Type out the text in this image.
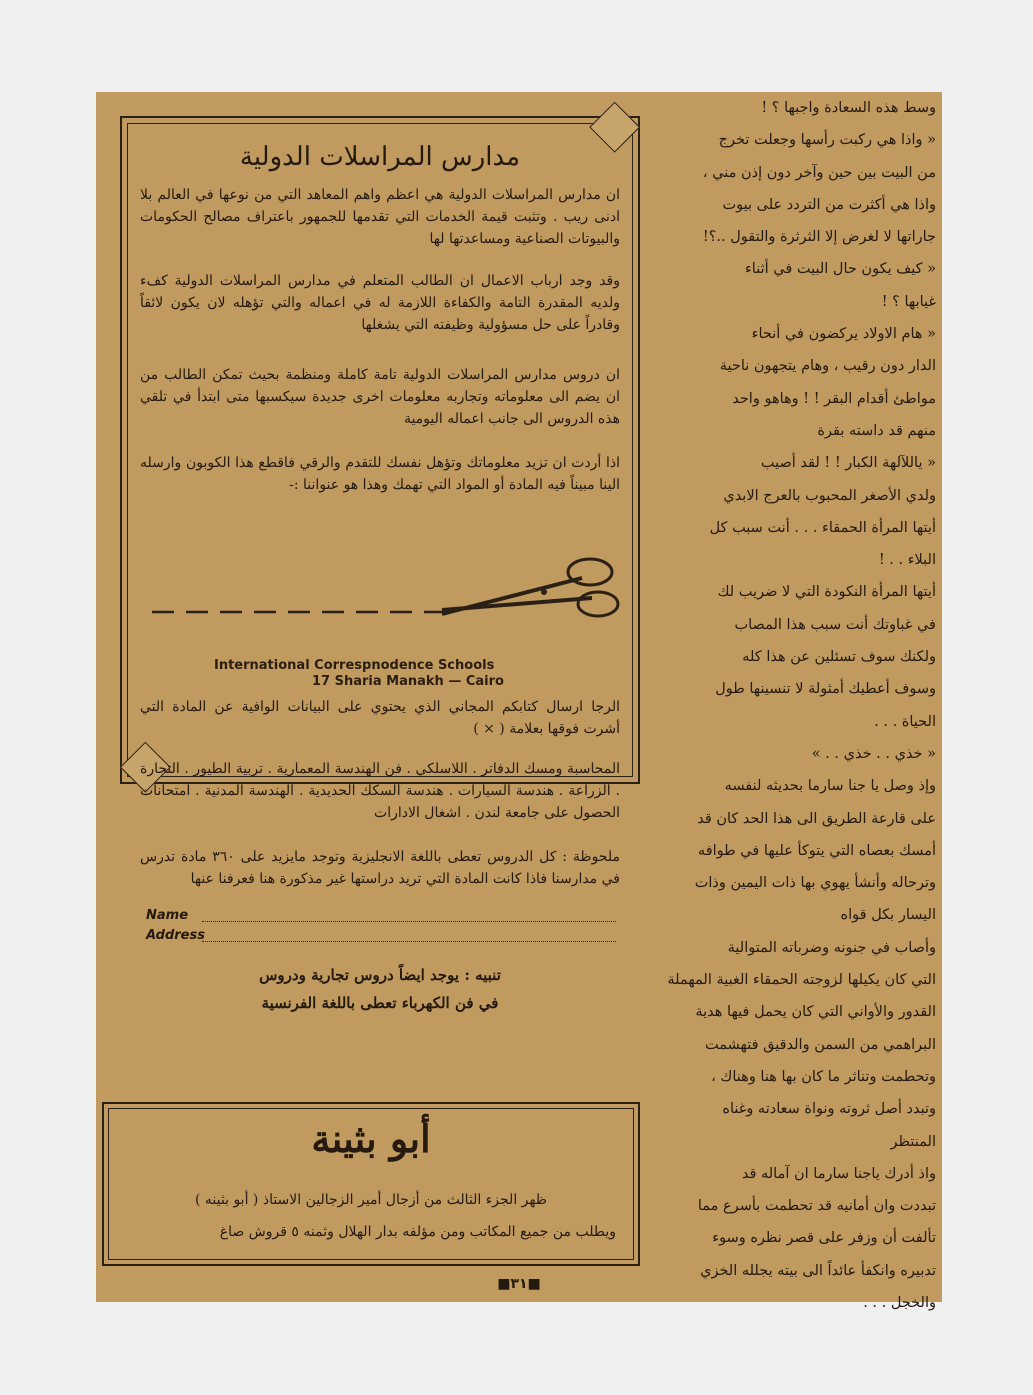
وسط هذه السعادة واجبها ؟ !

« واذا هي ركبت رأسها وجعلت تخرج

من البيت بين حين وآخر دون إذن مني ،

واذا هي أكثرت من التردد على بيوت

جاراتها لا لغرض إلا الثرثرة والتقول ..؟!

« كيف يكون حال البيت في أثناء

غيابها ؟ !

« هام الاولاد يركضون في أنحاء

الدار دون رقيب ، وهام يتجهون ناحية

مواطئ أقدام البقر ! ! وهاهو واحد

منهم قد داسته بقرة

« ياللآلهة الكبار ! ! لقد أصيب

ولدي الأصغر المحبوب بالعرج الابدي

أيتها المرأة الحمقاء . . . أنت سبب كل

البلاء . . !

أيتها المرأة النكودة التي لا ضريب لك

في غباوتك أنت سبب هذا المصاب

ولكنك سوف تسئلين عن هذا كله

وسوف أعطيك أمثولة لا تنسينها طول

الحياة . . .

« خذي . . خذي . . »

وإذ وصل يا جنا سارما بحديثه لنفسه

على قارعة الطريق الى هذا الحد كان قد

أمسك بعصاه التي يتوكأ عليها في طوافه

وترحاله وأنشأ يهوي بها ذات اليمين وذات

اليسار بكل قواه

وأصاب في جنونه وضرباته المتوالية

التي كان يكيلها لزوجته الحمقاء الغبية المهملة

القدور والأواني التي كان يحمل فيها هدية

البراهمي من السمن والدقيق فتهشمت

وتحطمت وتناثر ما كان بها هنا وهناك ،

وتبدد أصل ثروته ونواة سعادته وغناه

المنتظر

واذ أدرك ياجنا سارما ان آماله قد

تبددت وان أمانيه قد تحطمت بأسرع مما

تألفت أن وزفر على قصر نظره وسوء

تدبيره وانكفأ عائداً الى بيته يجلله الخزي

والخجل . . .

مدارس المراسلات الدولية

ان مدارس المراسلات الدولية هي اعظم واهم المعاهد التي من نوعها في العالم بلا ادنى ريب . وتثبت قيمة الخدمات التي تقدمها للجمهور باعتراف مصالح الحكومات والبيوتات الصناعية ومساعدتها لها

وقد وجد ارباب الاعمال ان الطالب المتعلم في مدارس المراسلات الدولية كفء ولديه المقدرة التامة والكفاءة اللازمة له في اعماله والتي تؤهله لان يكون لائقاً وقادراً على حل مسؤولية وظيفته التي يشغلها

ان دروس مدارس المراسلات الدولية تامة كاملة ومنظمة بحيث تمكن الطالب من ان يضم الى معلوماته وتجاربه معلومات اخرى جديدة سيكسبها متى ابتدأ في تلقي هذه الدروس الى جانب اعماله اليومية

اذا أردت ان تزيد معلوماتك وتؤهل نفسك للتقدم والرقي فاقطع هذا الكوبون وارسله الينا مبيناً فيه المادة أو المواد التي تهمك وهذا هو عنواننا :-

International Correspnodence Schools
17 Sharia Manakh — Cairo

الرجا ارسال كتابكم المجاني الذي يحتوي على البيانات الوافية عن المادة التي أشرت فوقها بعلامة ( × )

المحاسبة ومسك الدفاتر . اللاسلكي . فن الهندسة المعمارية . تربية الطيور . التجارة . الزراعة . هندسة السيارات . هندسة السكك الحديدية . الهندسة المدنية . امتحانات الحصول على جامعة لندن . اشغال الادارات

ملحوظة : كل الدروس تعطى باللغة الانجليزية وتوجد مايزيد على ٣٦٠ مادة تدرس في مدارسنا فاذا كانت المادة التي تريد دراستها غير مذكورة هنا فعرفنا عنها

Name
Address

تنبيه : يوجد ايضاً دروس تجارية ودروس

في فن الكهرباء تعطى باللغة الفرنسية

أبو بثينة

ظهر الجزء الثالث من أزجال أمير الزجالين الاستاذ ( أبو بثينه )

ويطلب من جميع المكاتب ومن مؤلفه بدار الهلال وثمنه ٥ قروش صاغ

■٣١■
